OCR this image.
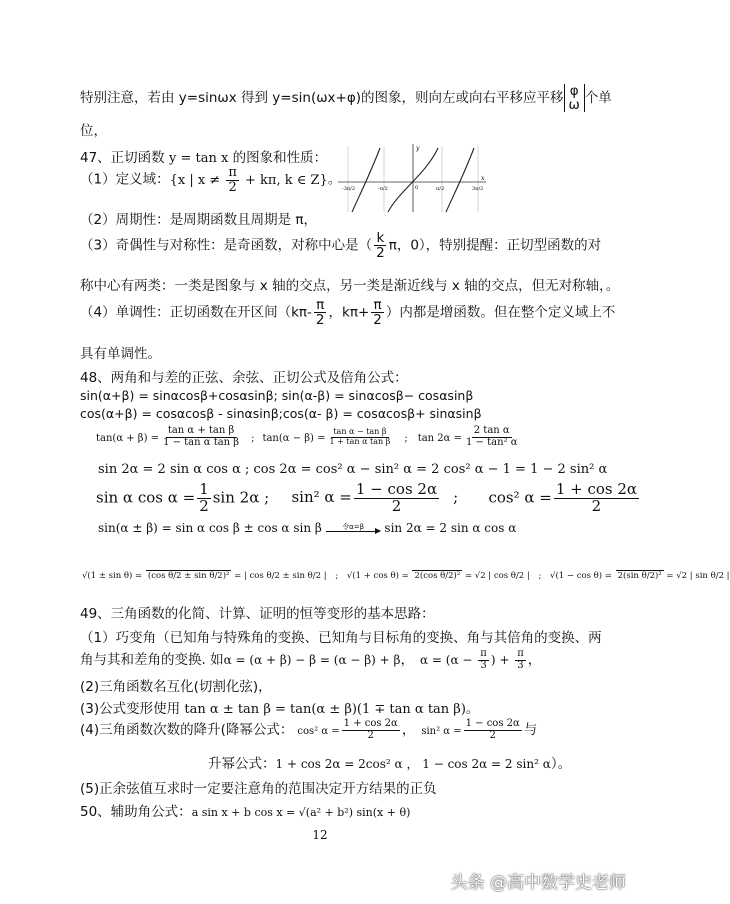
特别注意，若由 y=sinωx 得到 y=sin(ωx+φ)的图象，则向左或向右平移应平移 φ
ω 个单
位，
47、正切函数 y = tan x 的图象和性质：
-3π/2	-π/2	0	π/2	3π/2
y
x
（1）定义域：{x | $x \ne \frac{\pi}{2} + k\pi$, k ∈ Z}。
（2）周期性：是周期函数且周期是 π，
（3）奇偶性与对称性：是奇函数，对称中心是（ $\frac{k}{2}$ π，0），特别提醒：正切型函数的对
称中心有两类：一类是图象与 x 轴的交点，另一类是渐近线与 x 轴的交点，但无对称轴，。
（4）单调性：正切函数在开区间（$k\pi- \frac{\pi}{2}$ ，$k\pi+ \frac{\pi}{2}$ ）内都是增函数。但在整个定义域上不
具有单调性。
48、两角和与差的正弦、余弦、正切公式及倍角公式：
sin(α+β) = sinαcosβ+cosαsinβ; sin(α-β) = sinαcosβ− cosαsinβ
cos(α+β) = cosαcosβ - sinαsinβ;cos(α- β) = cosαcosβ+ sinαsinβ
$\tan(\alpha + \beta) = \frac{\text{tan α + tan β}}{\text{1 − tan α tan β}}$ ; $\tan(\alpha - \beta) = \frac{\text{tan α − tan β}}{\text{1 + tan α tan β}}$ ; $\tan 2\alpha = \frac{\text{2 tan α}}{\text{1 − tan² α}}$
sin 2α = 2 sin α cos α ; cos 2α = cos² α − sin² α = 2 cos² α − 1 = 1 − 2 sin² α
sin α $\cos \alpha = \frac{1}{2}$ sin 2α ; sin² $\alpha = \frac{1 - \cos 2\alpha}{2}$ ; cos² $\alpha = \frac{1 + \cos 2\alpha}{2}$
sin(α ± β) = sin α cos β ± cos α sin β	令α=β	sin 2α = 2 sin α cos α
√(1 ± sin θ) = (cos θ/2 ± sin θ/2)² = | cos θ/2 ± sin θ/2 | ; √(1 + cos θ) = 2(cos θ/2)² = √2 | cos θ/2 | ; √(1 − cos θ) = 2(sin θ/2)² = √2 | sin θ/2 |
49、三角函数的化简、计算、证明的恒等变形的基本思路：
（1）巧变角（已知角与特殊角的变换、已知角与目标角的变换、角与其倍角的变换、两
角与其和差角的变换. 如α = (α + β) − β = (α − β) + β， $\alpha = (\alpha - \frac{\pi}{3}$ ) + $\frac{\pi}{3}$ ，
(2)三角函数名互化(切割化弦)，
(3)公式变形使用 tan α ± tan β = tan(α ± β)(1 ∓ tan α tan β)。
(4)三角函数次数的降升(降幂公式： cos² $\alpha = \frac{1 + \cos 2\alpha}{2}$ ， sin² $\alpha = \frac{1 - \cos 2\alpha}{2}$ 与
升幂公式：1 + cos 2α = 2cos² α ， 1 − cos 2α = 2 sin² α）。
(5)正余弦值互求时一定要注意角的范围决定开方结果的正负
50、辅助角公式：a sin x + b cos x = √(a² + b²) sin(x + θ)
12
头条 @高中数学史老师
